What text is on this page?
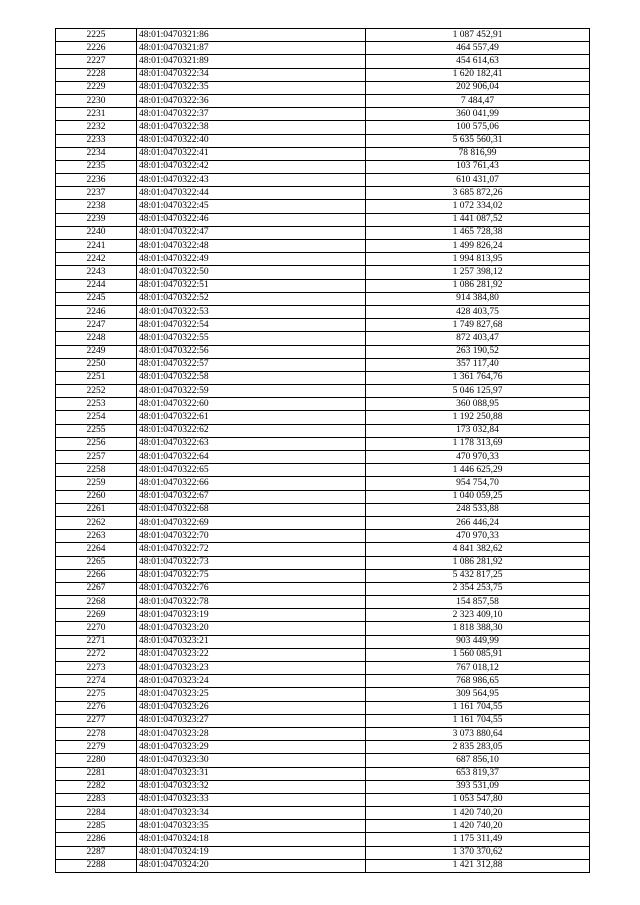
2225	48:01:0470321:86	1 087 452,91
2226	48:01:0470321:87	464 557,49
2227	48:01:0470321:89	454 614,63
2228	48:01:0470322:34	1 620 182,41
2229	48:01:0470322:35	202 906,04
2230	48:01:0470322:36	7 484,47
2231	48:01:0470322:37	360 041,99
2232	48:01:0470322:38	100 575,06
2233	48:01:0470322:40	5 635 560,31
2234	48:01:0470322:41	78 816,99
2235	48:01:0470322:42	103 761,43
2236	48:01:0470322:43	610 431,07
2237	48:01:0470322:44	3 685 872,26
2238	48:01:0470322:45	1 072 334,02
2239	48:01:0470322:46	1 441 087,52
2240	48:01:0470322:47	1 465 728,38
2241	48:01:0470322:48	1 499 826,24
2242	48:01:0470322:49	1 994 813,95
2243	48:01:0470322:50	1 257 398,12
2244	48:01:0470322:51	1 086 281,92
2245	48:01:0470322:52	914 384,80
2246	48:01:0470322:53	428 403,75
2247	48:01:0470322:54	1 749 827,68
2248	48:01:0470322:55	872 403,47
2249	48:01:0470322:56	263 190,52
2250	48:01:0470322:57	357 117,40
2251	48:01:0470322:58	1 361 764,76
2252	48:01:0470322:59	5 046 125,97
2253	48:01:0470322:60	360 088,95
2254	48:01:0470322:61	1 192 250,88
2255	48:01:0470322:62	173 032,84
2256	48:01:0470322:63	1 178 313,69
2257	48:01:0470322:64	470 970,33
2258	48:01:0470322:65	1 446 625,29
2259	48:01:0470322:66	954 754,70
2260	48:01:0470322:67	1 040 059,25
2261	48:01:0470322:68	248 533,88
2262	48:01:0470322:69	266 446,24
2263	48:01:0470322:70	470 970,33
2264	48:01:0470322:72	4 841 382,62
2265	48:01:0470322:73	1 086 281,92
2266	48:01:0470322:75	5 432 817,25
2267	48:01:0470322:76	2 354 253,75
2268	48:01:0470322:78	154 857,58
2269	48:01:0470323:19	2 323 409,10
2270	48:01:0470323:20	1 818 388,30
2271	48:01:0470323:21	903 449,99
2272	48:01:0470323:22	1 560 085,91
2273	48:01:0470323:23	767 018,12
2274	48:01:0470323:24	768 986,65
2275	48:01:0470323:25	309 564,95
2276	48:01:0470323:26	1 161 704,55
2277	48:01:0470323:27	1 161 704,55
2278	48:01:0470323:28	3 073 880,64
2279	48:01:0470323:29	2 835 283,05
2280	48:01:0470323:30	687 856,10
2281	48:01:0470323:31	653 819,37
2282	48:01:0470323:32	393 531,09
2283	48:01:0470323:33	1 053 547,80
2284	48:01:0470323:34	1 420 740,20
2285	48:01:0470323:35	1 420 740,20
2286	48:01:0470324:18	1 175 311,49
2287	48:01:0470324:19	1 370 370,62
2288	48:01:0470324:20	1 421 312,88
